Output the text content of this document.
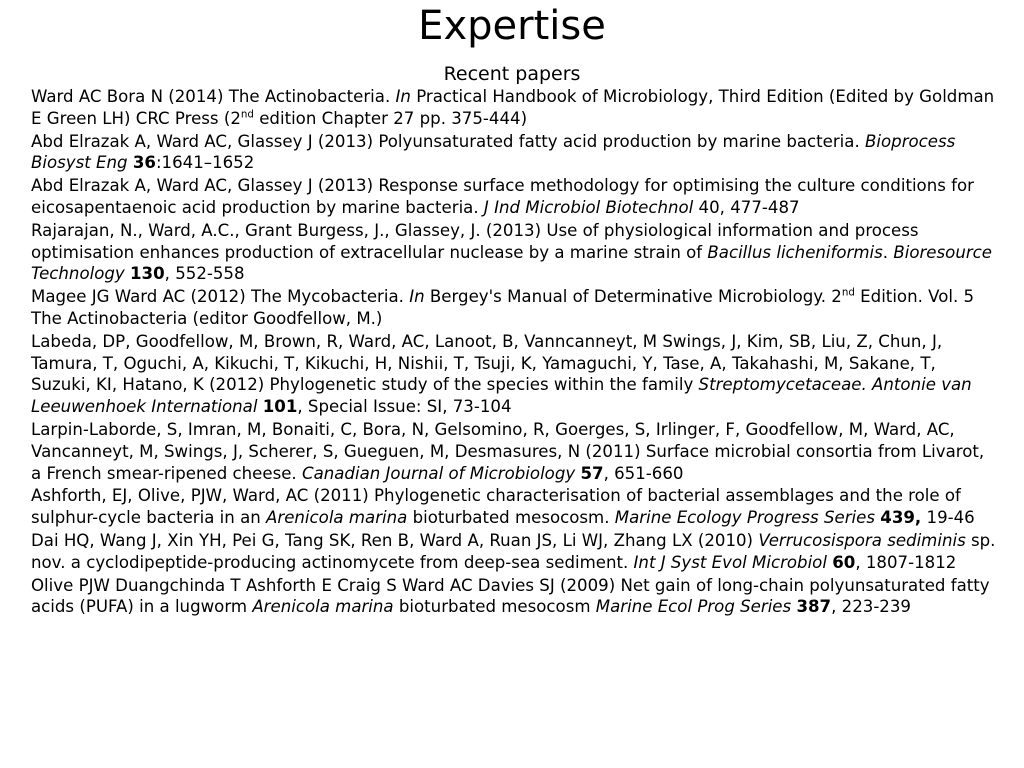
Expertise
Recent papers

Ward AC Bora N (2014) The Actinobacteria. In Practical Handbook of Microbiology, Third Edition (Edited by Goldman E Green LH) CRC Press (2nd edition Chapter 27 pp. 375-444)

Abd Elrazak A, Ward AC, Glassey J (2013) Polyunsaturated fatty acid production by marine bacteria. Bioprocess Biosyst Eng 36:1641–1652

Abd Elrazak A, Ward AC, Glassey J (2013) Response surface methodology for optimising the culture conditions for eicosapentaenoic acid production by marine bacteria. J Ind Microbiol Biotechnol 40, 477-487

Rajarajan, N., Ward, A.C., Grant Burgess, J., Glassey, J. (2013) Use of physiological information and process optimisation enhances production of extracellular nuclease by a marine strain of Bacillus licheniformis. Bioresource Technology 130, 552-558

Magee JG Ward AC (2012) The Mycobacteria. In Bergey's Manual of Determinative Microbiology. 2nd Edition. Vol. 5 The Actinobacteria (editor Goodfellow, M.)

Labeda, DP, Goodfellow, M, Brown, R, Ward, AC, Lanoot, B, Vanncanneyt, M Swings, J, Kim, SB, Liu, Z, Chun, J, Tamura, T, Oguchi, A, Kikuchi, T, Kikuchi, H, Nishii, T, Tsuji, K, Yamaguchi, Y, Tase, A, Takahashi, M, Sakane, T, Suzuki, KI, Hatano, K (2012) Phylogenetic study of the species within the family Streptomycetaceae. Antonie van Leeuwenhoek International 101, Special Issue: SI, 73-104

Larpin-Laborde, S, Imran, M, Bonaiti, C, Bora, N, Gelsomino, R, Goerges, S, Irlinger, F, Goodfellow, M, Ward, AC, Vancanneyt, M, Swings, J, Scherer, S, Gueguen, M, Desmasures, N (2011) Surface microbial consortia from Livarot, a French smear-ripened cheese. Canadian Journal of Microbiology 57, 651-660

Ashforth, EJ, Olive, PJW, Ward, AC (2011) Phylogenetic characterisation of bacterial assemblages and the role of sulphur-cycle bacteria in an Arenicola marina bioturbated mesocosm. Marine Ecology Progress Series 439, 19-46

Dai HQ, Wang J, Xin YH, Pei G, Tang SK, Ren B, Ward A, Ruan JS, Li WJ, Zhang LX (2010) Verrucosispora sediminis sp. nov. a cyclodipeptide-producing actinomycete from deep-sea sediment. Int J Syst Evol Microbiol 60, 1807-1812

Olive PJW Duangchinda T Ashforth E Craig S Ward AC Davies SJ (2009) Net gain of long-chain polyunsaturated fatty acids (PUFA) in a lugworm Arenicola marina bioturbated mesocosm Marine Ecol Prog Series 387, 223-239
